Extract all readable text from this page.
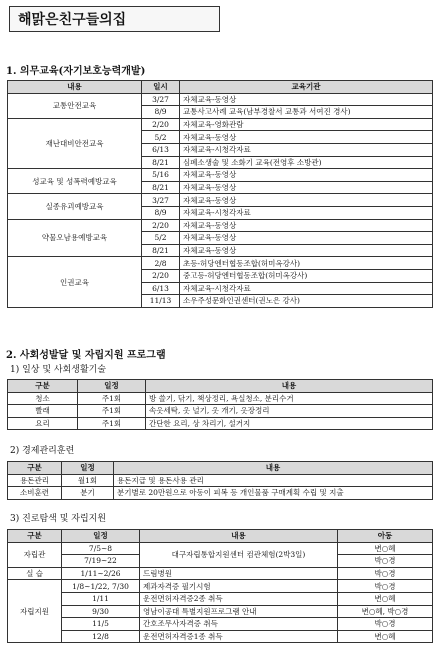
해맑은친구들의집
1. 의무교육(자기보호능력개발)
내용	일시	교육기관
교통안전교육	3/27	자체교육-동영상
	8/9	교통사고사례 교육(남부경찰서 교통과 서여진 경사)
재난대비안전교육	2/20	자체교육-영화관람
	5/2	자체교육-동영상
	6/13	자체교육-시청각자료
	8/21	심폐소생술 및 소화기 교육(전영후 소방관)
성교육 및 성폭력예방교육	5/16	자체교육-동영상
	8/21	자체교육-동영상
실종유괴예방교육	3/27	자체교육-동영상
	8/9	자체교육-시청각자료
약물오남용예방교육	2/20	자체교육-동영상
	5/2	자체교육-동영상
	8/21	자체교육-동영상
인권교육	2/8	초등-허당엔터협동조합(허미옥강사)
	2/20	중고등-허당엔터협동조합(허미옥강사)
	6/13	자체교육-시청각자료
	11/13	소우주성문화인권센터(권노은 강사)
2. 사회성발달 및 자립지원 프로그램
1) 일상 및 사회생활기술
구분	일정	내용
청소	주1회	방 쓸기, 닦기, 책상정리, 욕실청소, 분리수거
빨래	주1회	속옷세탁, 옷 널기, 옷 개기, 옷장정리
요리	주1회	간단한 요리, 상 차리기, 설거지
2) 경제관리훈련
구분	일정	내용
용돈관리	월1회	용돈지급 및 용돈사용 관리
소비훈련	분기	분기별로 20만원으로 아동이 피복 등 개인물품 구매계획 수립 및 지출
3) 진로탐색 및 자립지원
구분	일정	내용	아동
자립관	7/5~8	대구자립통합지원센터 컴관체험(2박3일)	변○혜
	7/19~22		박○경
실 습	1/11~2/26	드림병원	박○경
자립지원	1/8~1/22, 7/30	제과자격증 필기시험	박○경
	1/11	운전면허자격증2종 취득	변○혜
	9/30	영남이공대 특별지원프로그램 안내	변○혜, 박○경
	11/5	간호조무사자격증 취득	박○경
	12/8	운전면허자격증1종 취득	변○혜
